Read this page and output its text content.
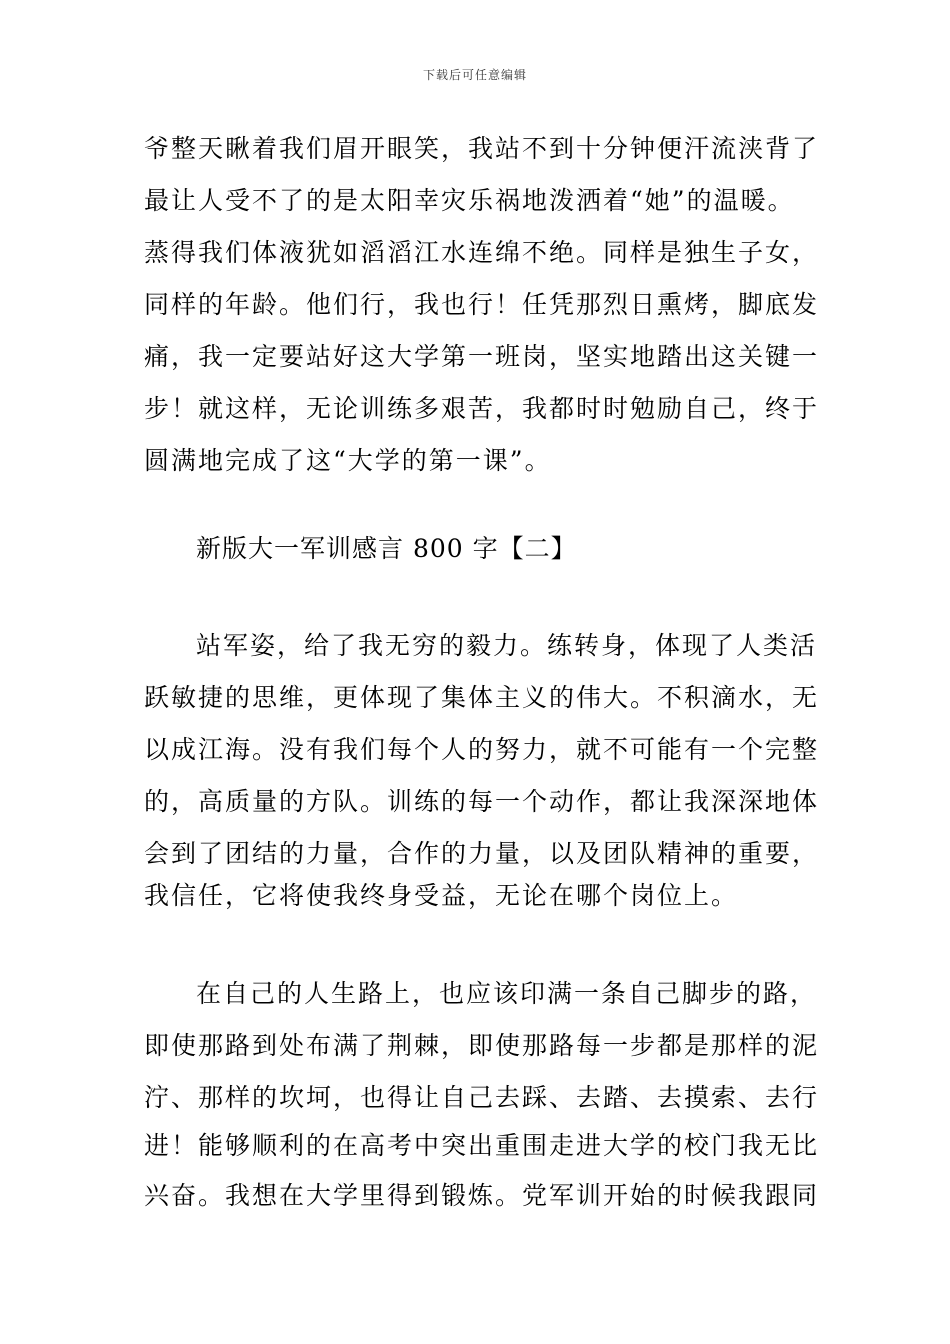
下载后可任意编辑
爷整天瞅着我们眉开眼笑，我站不到十分钟便汗流浃背了
最让人受不了的是太阳幸灾乐祸地泼洒着“她”的温暖。
蒸得我们体液犹如滔滔江水连绵不绝。同样是独生子女，
同样的年龄。他们行，我也行！任凭那烈日熏烤，脚底发
痛，我一定要站好这大学第一班岗，坚实地踏出这关键一
步！就这样，无论训练多艰苦，我都时时勉励自己，终于
圆满地完成了这“大学的第一课”。
新版大一军训感言 800 字【二】
站军姿，给了我无穷的毅力。练转身，体现了人类活
跃敏捷的思维，更体现了集体主义的伟大。不积滴水，无
以成江海。没有我们每个人的努力，就不可能有一个完整
的，高质量的方队。训练的每一个动作，都让我深深地体
会到了团结的力量，合作的力量，以及团队精神的重要，
我信任，它将使我终身受益，无论在哪个岗位上。
在自己的人生路上，也应该印满一条自己脚步的路，
即使那路到处布满了荆棘，即使那路每一步都是那样的泥
泞、那样的坎坷，也得让自己去踩、去踏、去摸索、去行
进！能够顺利的在高考中突出重围走进大学的校门我无比
兴奋。我想在大学里得到锻炼。党军训开始的时候我跟同
